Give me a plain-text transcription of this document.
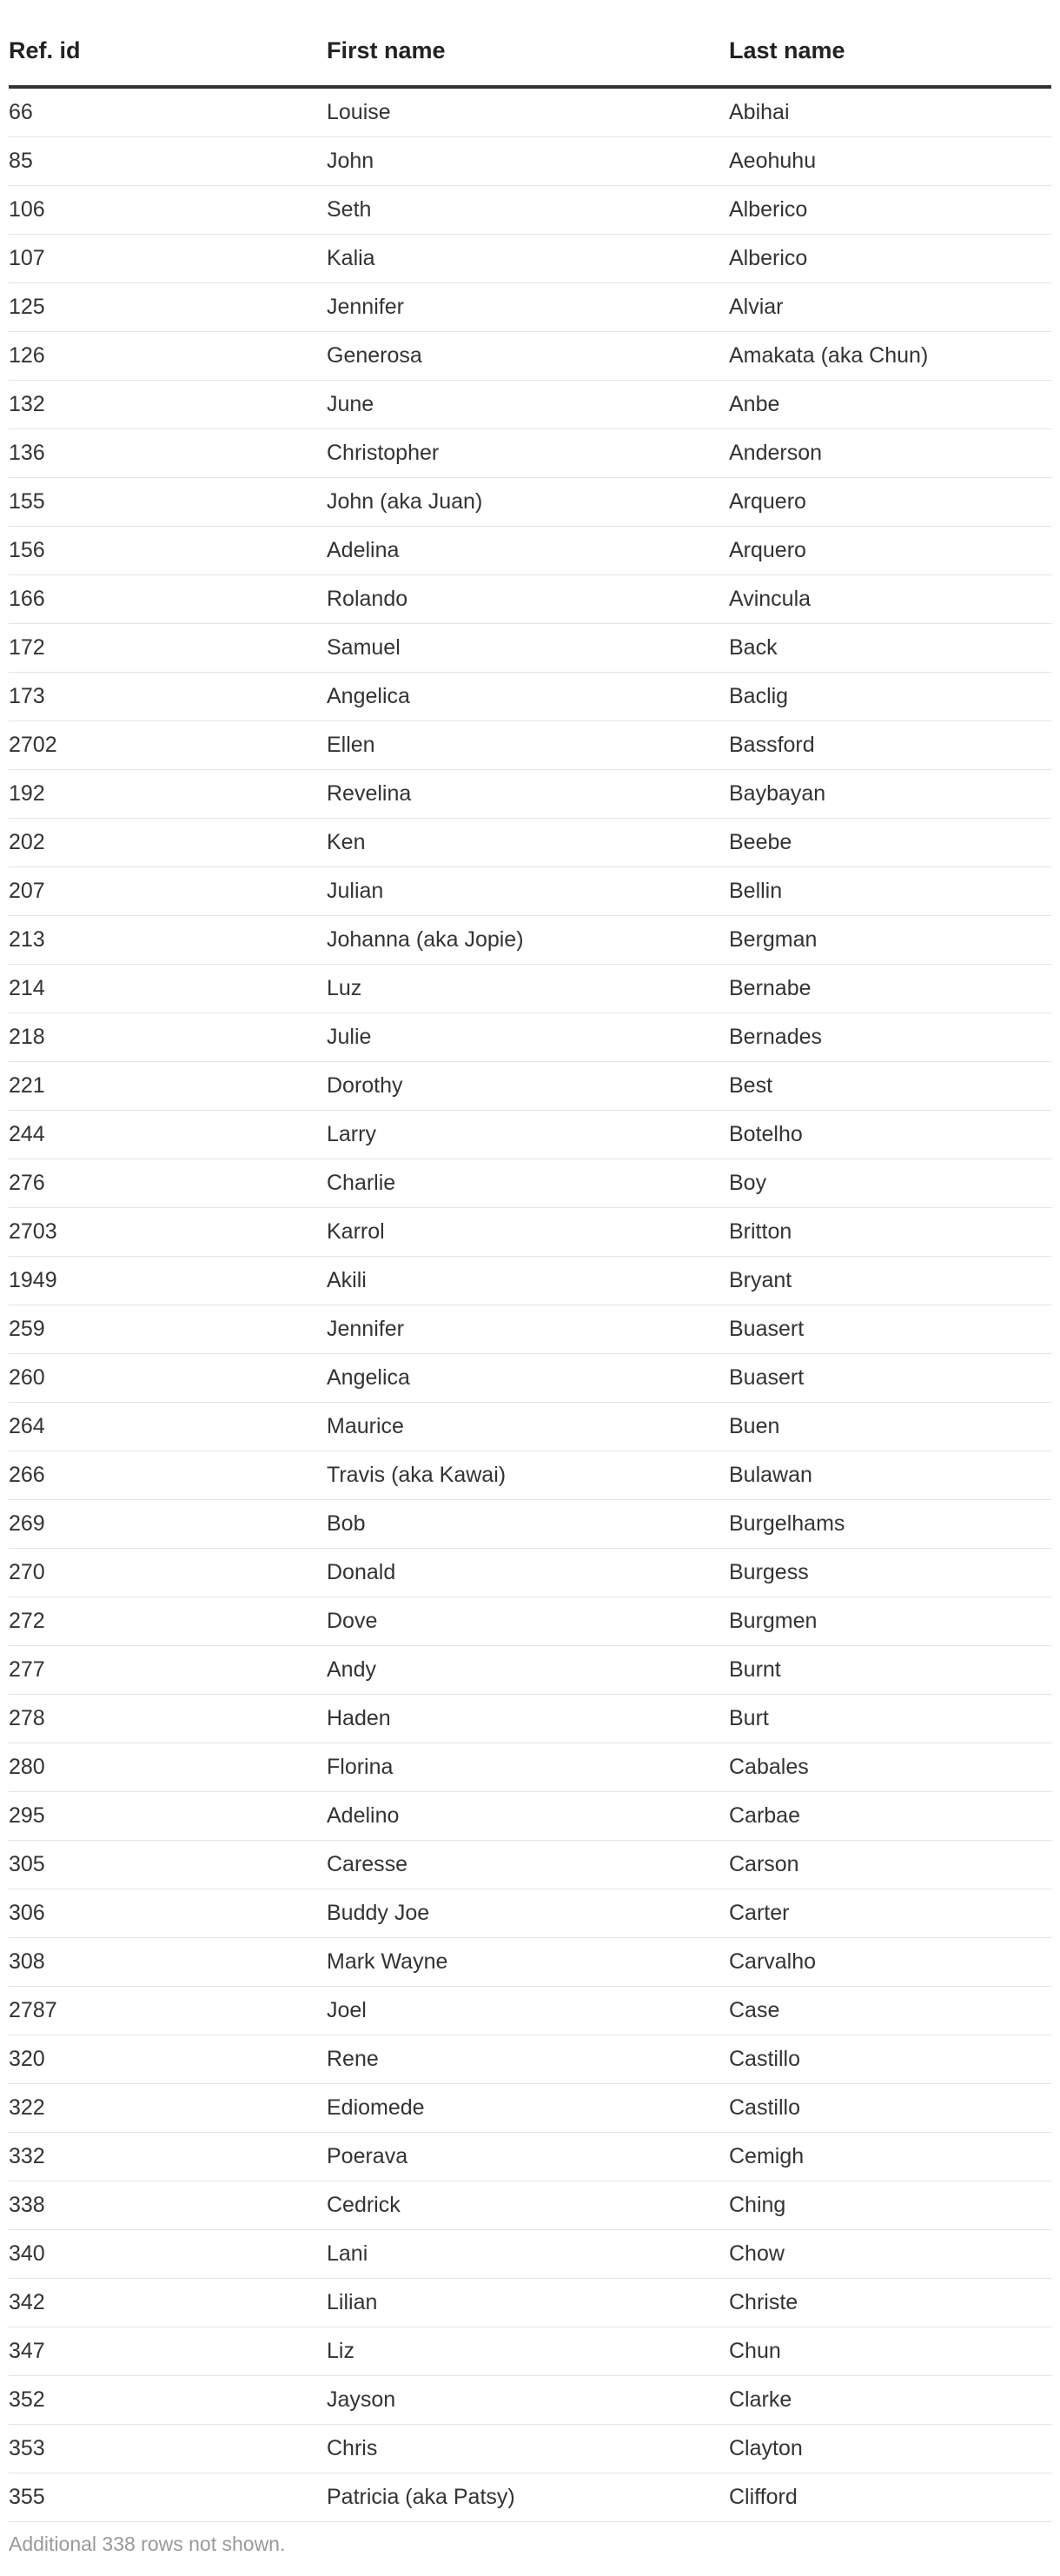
Ref. id	First name	Last name
66	Louise	Abihai
85	John	Aeohuhu
106	Seth	Alberico
107	Kalia	Alberico
125	Jennifer	Alviar
126	Generosa	Amakata (aka Chun)
132	June	Anbe
136	Christopher	Anderson
155	John (aka Juan)	Arquero
156	Adelina	Arquero
166	Rolando	Avincula
172	Samuel	Back
173	Angelica	Baclig
2702	Ellen	Bassford
192	Revelina	Baybayan
202	Ken	Beebe
207	Julian	Bellin
213	Johanna (aka Jopie)	Bergman
214	Luz	Bernabe
218	Julie	Bernades
221	Dorothy	Best
244	Larry	Botelho
276	Charlie	Boy
2703	Karrol	Britton
1949	Akili	Bryant
259	Jennifer	Buasert
260	Angelica	Buasert
264	Maurice	Buen
266	Travis (aka Kawai)	Bulawan
269	Bob	Burgelhams
270	Donald	Burgess
272	Dove	Burgmen
277	Andy	Burnt
278	Haden	Burt
280	Florina	Cabales
295	Adelino	Carbae
305	Caresse	Carson
306	Buddy Joe	Carter
308	Mark Wayne	Carvalho
2787	Joel	Case
320	Rene	Castillo
322	Ediomede	Castillo
332	Poerava	Cemigh
338	Cedrick	Ching
340	Lani	Chow
342	Lilian	Christe
347	Liz	Chun
352	Jayson	Clarke
353	Chris	Clayton
355	Patricia (aka Patsy)	Clifford
Additional 338 rows not shown.
